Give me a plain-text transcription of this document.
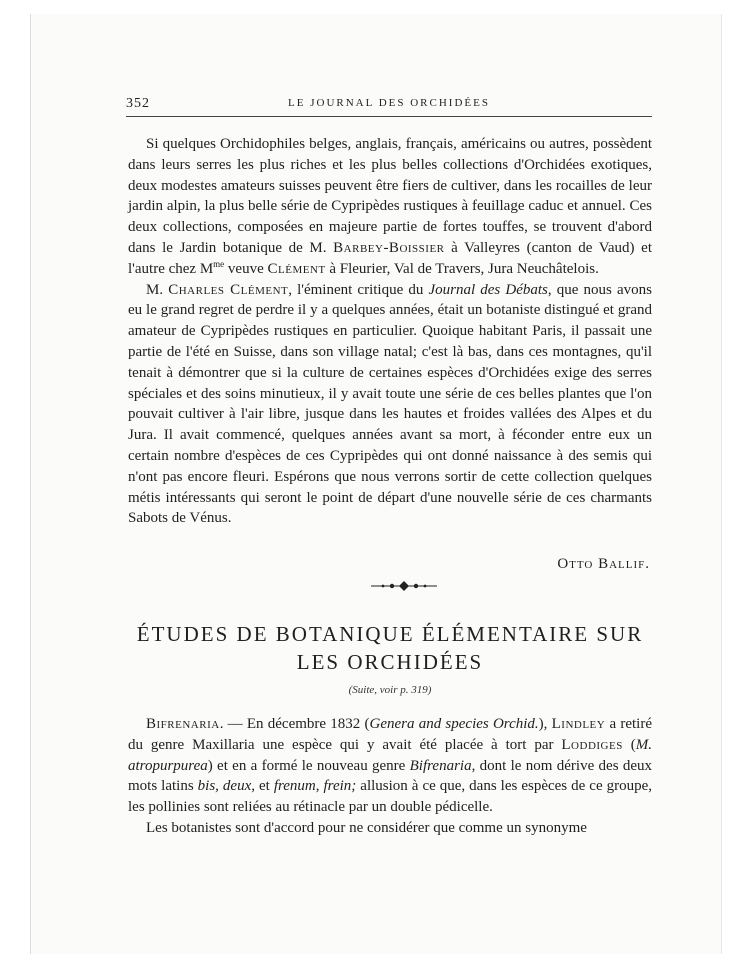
352	LE JOURNAL DES ORCHIDÉES

Si quelques Orchidophiles belges, anglais, français, américains ou autres, possèdent dans leurs serres les plus riches et les plus belles collections d'Orchidées exotiques, deux modestes amateurs suisses peuvent être fiers de cultiver, dans les rocailles de leur jardin alpin, la plus belle série de Cypripèdes rustiques à feuillage caduc et annuel. Ces deux collections, composées en majeure partie de fortes touffes, se trouvent d'abord dans le Jardin botanique de M. Barbey-Boissier à Valleyres (canton de Vaud) et l'autre chez $M^{me}$ veuve Clément à Fleurier, Val de Travers, Jura Neuchâtelois.

M. Charles Clément, l'éminent critique du Journal des Débats, que nous avons eu le grand regret de perdre il y a quelques années, était un botaniste distingué et grand amateur de Cypripèdes rustiques en particulier. Quoique habitant Paris, il passait une partie de l'été en Suisse, dans son village natal; c'est là bas, dans ces montagnes, qu'il tenait à démontrer que si la culture de certaines espèces d'Orchidées exige des serres spéciales et des soins minutieux, il y avait toute une série de ces belles plantes que l'on pouvait cultiver à l'air libre, jusque dans les hautes et froides vallées des Alpes et du Jura. Il avait commencé, quelques années avant sa mort, à féconder entre eux un certain nombre d'espèces de ces Cypripèdes qui ont donné naissance à des semis qui n'ont pas encore fleuri. Espérons que nous verrons sortir de cette collection quelques métis intéressants qui seront le point de départ d'une nouvelle série de ces charmants Sabots de Vénus.

Otto Ballif.
ÉTUDES DE BOTANIQUE ÉLÉMENTAIRE SUR LES ORCHIDÉES
(Suite, voir p. 319)

Bifrenaria. — En décembre 1832 (Genera and species Orchid.), Lindley a retiré du genre Maxillaria une espèce qui y avait été placée à tort par Loddiges (M. atropurpurea) et en a formé le nouveau genre Bifrenaria, dont le nom dérive des deux mots latins bis, deux, et frenum, frein; allusion à ce que, dans les espèces de ce groupe, les pollinies sont reliées au rétinacle par un double pédicelle.

Les botanistes sont d'accord pour ne considérer que comme un synonyme
